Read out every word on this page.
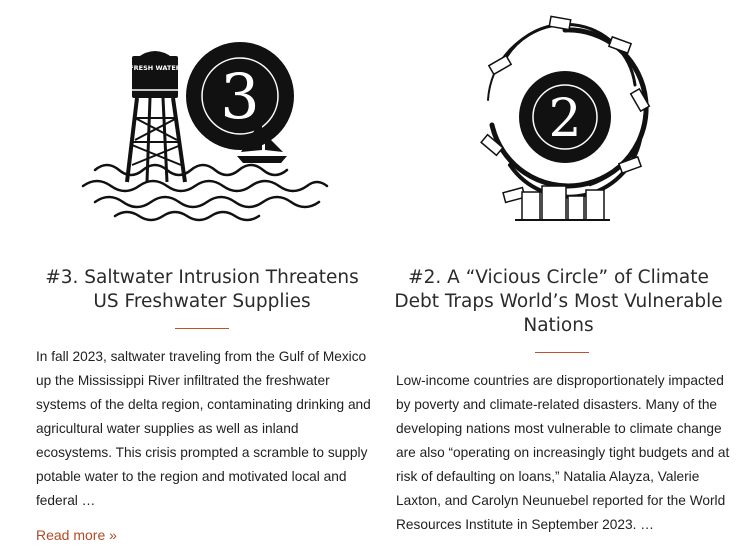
FRESH WATER 3
#3. Saltwater Intrusion Threatens
US Freshwater Supplies

In fall 2023, saltwater traveling from the Gulf of Mexico up the Mississippi River infiltrated the freshwater systems of the delta region, contaminating drinking and agricultural water supplies as well as inland ecosystems. This crisis prompted a scramble to supply potable water to the region and motivated local and federal …

Read more »
2
#2. A “Vicious Circle” of Climate
Debt Traps World’s Most Vulnerable
Nations

Low-income countries are disproportionately impacted by poverty and climate-related disasters. Many of the developing nations most vulnerable to climate change are also “operating on increasingly tight budgets and at risk of defaulting on loans,” Natalia Alayza, Valerie Laxton, and Carolyn Neunuebel reported for the World Resources Institute in September 2023. …
